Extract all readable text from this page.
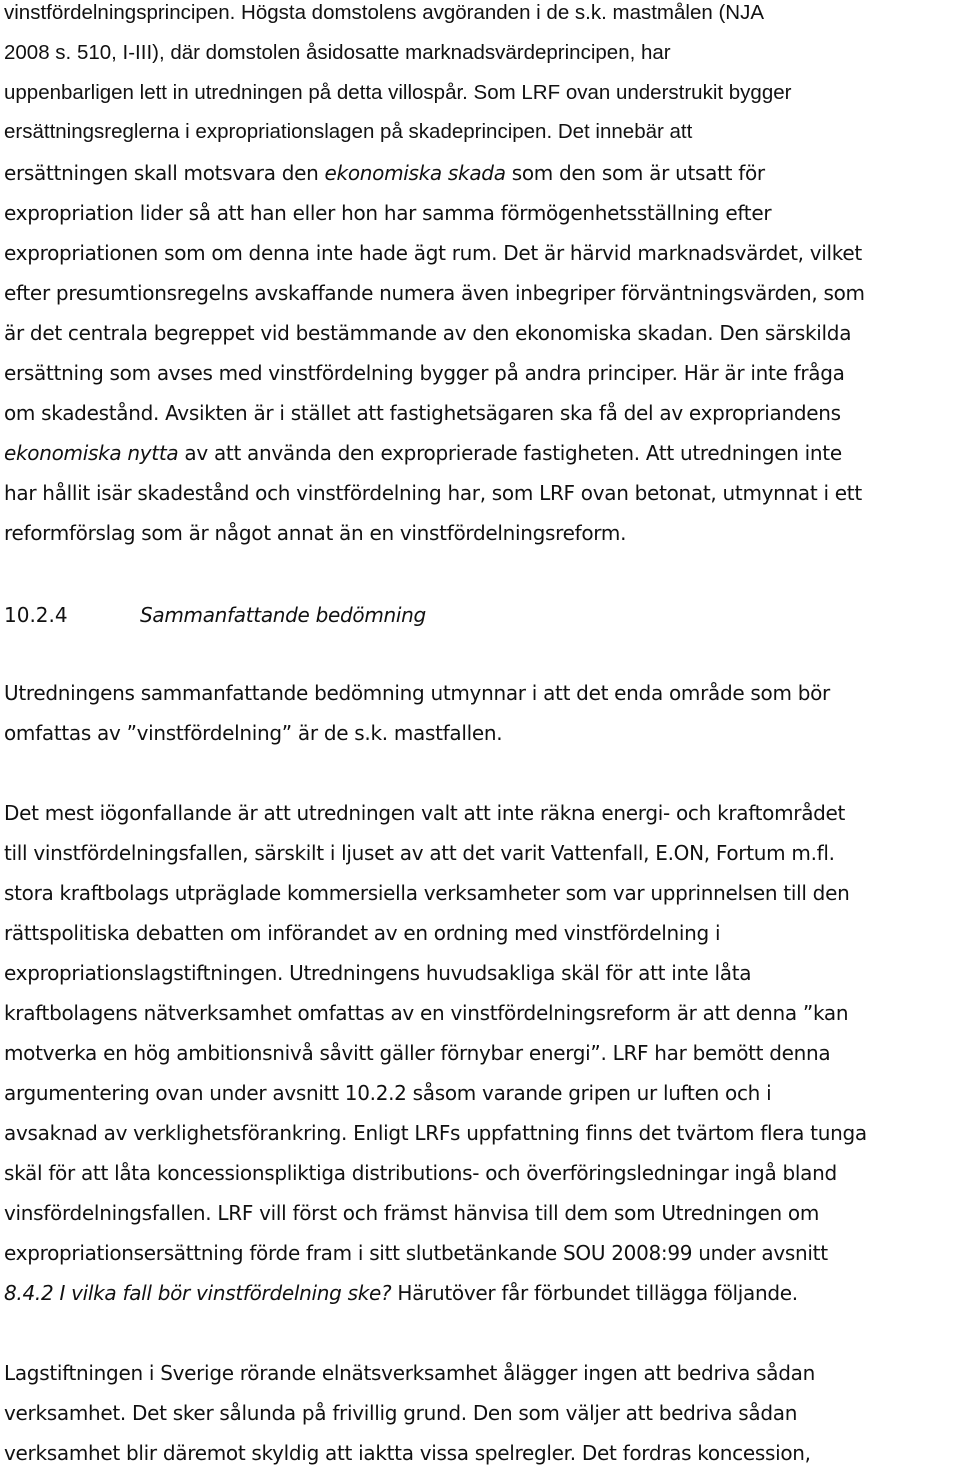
vinstfördelningsprincipen. Högsta domstolens avgöranden i de s.k. mastmålen (NJA
2008 s. 510, I-III), där domstolen åsidosatte marknadsvärdeprincipen, har
uppenbarligen lett in utredningen på detta villospår. Som LRF ovan understrukit bygger
ersättningsreglerna i expropriationslagen på skadeprincipen. Det innebär att
ersättningen skall motsvara den ekonomiska skada som den som är utsatt för
expropriation lider så att han eller hon har samma förmögenhetsställning efter
expropriationen som om denna inte hade ägt rum. Det är härvid marknadsvärdet, vilket
efter presumtionsregelns avskaffande numera även inbegriper förväntningsvärden, som
är det centrala begreppet vid bestämmande av den ekonomiska skadan. Den särskilda
ersättning som avses med vinstfördelning bygger på andra principer. Här är inte fråga
om skadestånd. Avsikten är i stället att fastighetsägaren ska få del av expropriandens
ekonomiska nytta av att använda den exproprierade fastigheten. Att utredningen inte
har hållit isär skadestånd och vinstfördelning har, som LRF ovan betonat, utmynnat i ett
reformförslag som är något annat än en vinstfördelningsreform.
10.2.4	Sammanfattande bedömning
Utredningens sammanfattande bedömning utmynnar i att det enda område som bör
omfattas av ”vinstfördelning” är de s.k. mastfallen.
Det mest iögonfallande är att utredningen valt att inte räkna energi- och kraftområdet
till vinstfördelningsfallen, särskilt i ljuset av att det varit Vattenfall, E.ON, Fortum m.fl.
stora kraftbolags utpräglade kommersiella verksamheter som var upprinnelsen till den
rättspolitiska debatten om införandet av en ordning med vinstfördelning i
expropriationslagstiftningen. Utredningens huvudsakliga skäl för att inte låta
kraftbolagens nätverksamhet omfattas av en vinstfördelningsreform är att denna ”kan
motverka en hög ambitionsnivå såvitt gäller förnybar energi”. LRF har bemött denna
argumentering ovan under avsnitt 10.2.2 såsom varande gripen ur luften och i
avsaknad av verklighetsförankring. Enligt LRFs uppfattning finns det tvärtom flera tunga
skäl för att låta koncessionspliktiga distributions- och överföringsledningar ingå bland
vinsfördelningsfallen. LRF vill först och främst hänvisa till dem som Utredningen om
expropriationsersättning förde fram i sitt slutbetänkande SOU 2008:99 under avsnitt
8.4.2 I vilka fall bör vinstfördelning ske? Härutöver får förbundet tillägga följande.
Lagstiftningen i Sverige rörande elnätsverksamhet ålägger ingen att bedriva sådan
verksamhet. Det sker sålunda på frivillig grund. Den som väljer att bedriva sådan
verksamhet blir däremot skyldig att iaktta vissa spelregler. Det fordras koncession,
